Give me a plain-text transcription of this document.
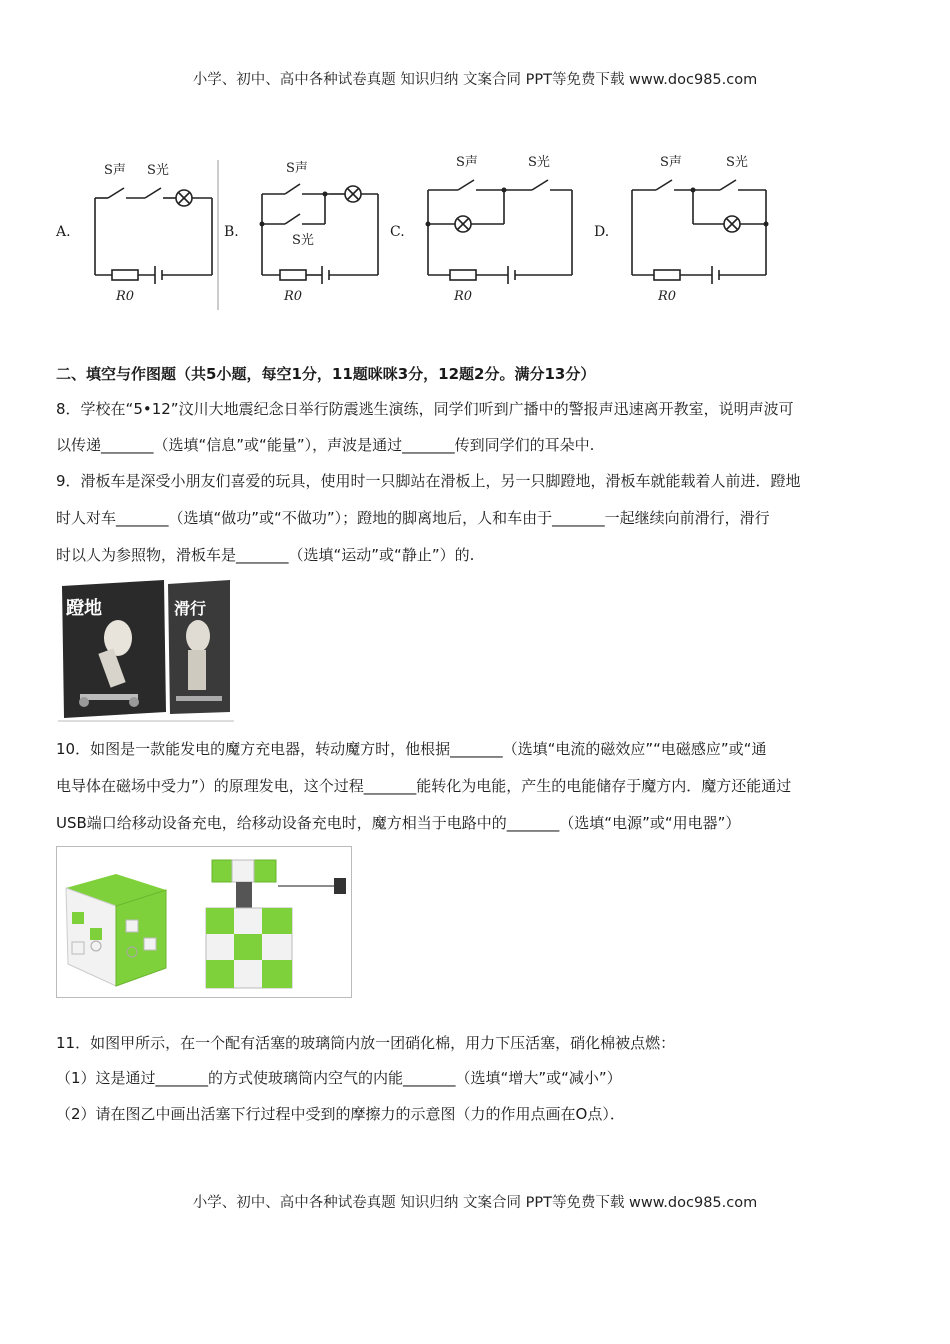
小学、初中、高中各种试卷真题 知识归纳 文案合同 PPT等免费下载 www.doc985.com
A.	B.	C.	D.
S声 S光
R0
S声
S光
R0
S声	S光
R0
S声	S光
R0
二、填空与作图题（共5小题，每空1分，11题咪咪3分，12题2分。满分13分）
8．学校在“5•12”汶川大地震纪念日举行防震逃生演练，同学们听到广播中的警报声迅速离开教室，说明声波可
以传递_______（选填“信息”或“能量”），声波是通过_______传到同学们的耳朵中.
9．滑板车是深受小朋友们喜爱的玩具，使用时一只脚站在滑板上，另一只脚蹬地，滑板车就能载着人前进．蹬地
时人对车_______（选填“做功”或“不做功”）；蹬地的脚离地后，人和车由于_______一起继续向前滑行，滑行
时以人为参照物，滑板车是_______（选填“运动”或“静止”）的.
蹬地	滑行
10．如图是一款能发电的魔方充电器，转动魔方时，他根据_______（选填“电流的磁效应”“电磁感应”或“通
电导体在磁场中受力”）的原理发电，这个过程_______能转化为电能，产生的电能储存于魔方内．魔方还能通过
USB端口给移动设备充电，给移动设备充电时，魔方相当于电路中的_______（选填“电源”或“用电器”）
11．如图甲所示，在一个配有活塞的玻璃筒内放一团硝化棉，用力下压活塞，硝化棉被点燃：
（1）这是通过_______的方式使玻璃筒内空气的内能_______（选填“增大”或“减小”）
（2）请在图乙中画出活塞下行过程中受到的摩擦力的示意图（力的作用点画在O点）．
小学、初中、高中各种试卷真题 知识归纳 文案合同 PPT等免费下载 www.doc985.com
